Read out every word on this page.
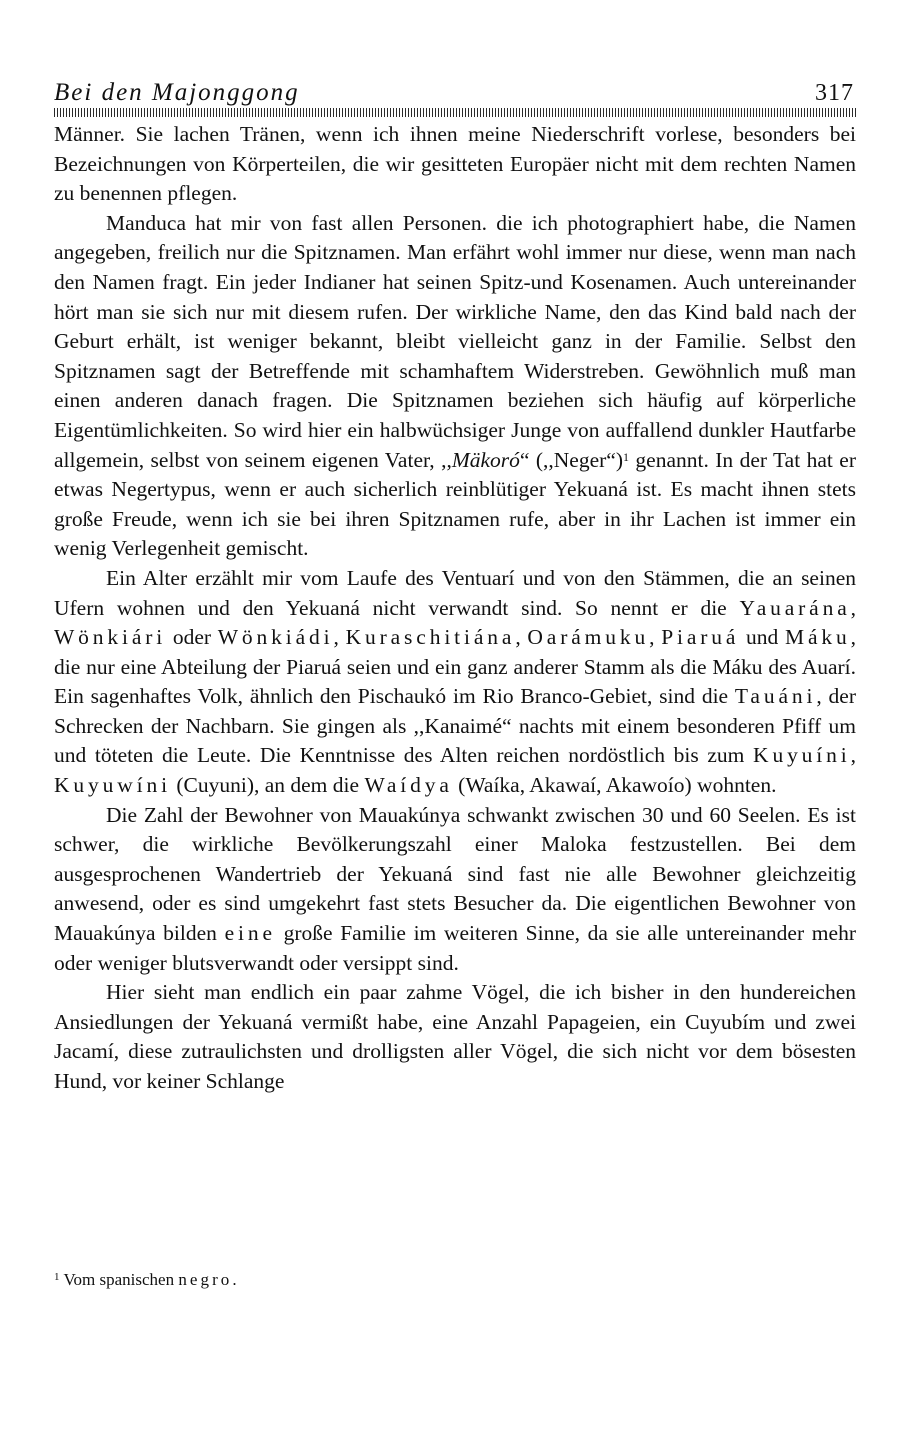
Bei den Majonggong	317

Männer. Sie lachen Tränen, wenn ich ihnen meine Niederschrift vorlese, besonders bei Bezeichnungen von Körperteilen, die wir gesitteten Europäer nicht mit dem rechten Namen zu benennen pflegen.

Manduca hat mir von fast allen Personen. die ich photographiert habe, die Namen angegeben, freilich nur die Spitznamen. Man erfährt wohl immer nur diese, wenn man nach den Namen fragt. Ein jeder Indianer hat seinen Spitz-und Kosenamen. Auch untereinander hört man sie sich nur mit diesem rufen. Der wirkliche Name, den das Kind bald nach der Geburt erhält, ist weniger bekannt, bleibt vielleicht ganz in der Familie. Selbst den Spitznamen sagt der Betreffende mit schamhaftem Widerstreben. Gewöhnlich muß man einen anderen danach fragen. Die Spitznamen beziehen sich häufig auf körperliche Eigentümlichkeiten. So wird hier ein halbwüchsiger Junge von auffallend dunkler Hautfarbe allgemein, selbst von seinem eigenen Vater, ,,Mäkoró“ (,,Neger“)$^1$ genannt. In der Tat hat er etwas Negertypus, wenn er auch sicherlich reinblütiger Yekuaná ist. Es macht ihnen stets große Freude, wenn ich sie bei ihren Spitznamen rufe, aber in ihr Lachen ist immer ein wenig Verlegenheit gemischt.

Ein Alter erzählt mir vom Laufe des Ventuarí und von den Stämmen, die an seinen Ufern wohnen und den Yekuaná nicht verwandt sind. So nennt er die Yauarána, Wönkiári oder Wönkiádi, Kuraschitiána, Oarámuku, Piaruá und Máku, die nur eine Abteilung der Piaruá seien und ein ganz anderer Stamm als die Máku des Auarí. Ein sagenhaftes Volk, ähnlich den Pischaukó im Rio Branco-Gebiet, sind die Tauáni, der Schrecken der Nachbarn. Sie gingen als ,,Kanaimé“ nachts mit einem besonderen Pfiff um und töteten die Leute. Die Kenntnisse des Alten reichen nordöstlich bis zum Kuyuíni, Kuyuwíni (Cuyuni), an dem die Waídya (Waíka, Akawaí, Akawoío) wohnten.

Die Zahl der Bewohner von Mauakúnya schwankt zwischen 30 und 60 Seelen. Es ist schwer, die wirkliche Bevölkerungszahl einer Maloka festzustellen. Bei dem ausgesprochenen Wandertrieb der Yekuaná sind fast nie alle Bewohner gleichzeitig anwesend, oder es sind umgekehrt fast stets Besucher da. Die eigentlichen Bewohner von Mauakúnya bilden eine große Familie im weiteren Sinne, da sie alle untereinander mehr oder weniger blutsverwandt oder versippt sind.

Hier sieht man endlich ein paar zahme Vögel, die ich bisher in den hundereichen Ansiedlungen der Yekuaná vermißt habe, eine Anzahl Papageien, ein Cuyubím und zwei Jacamí, diese zutraulichsten und drolligsten aller Vögel, die sich nicht vor dem bösesten Hund, vor keiner Schlange

$^1$ Vom spanischen negro.
